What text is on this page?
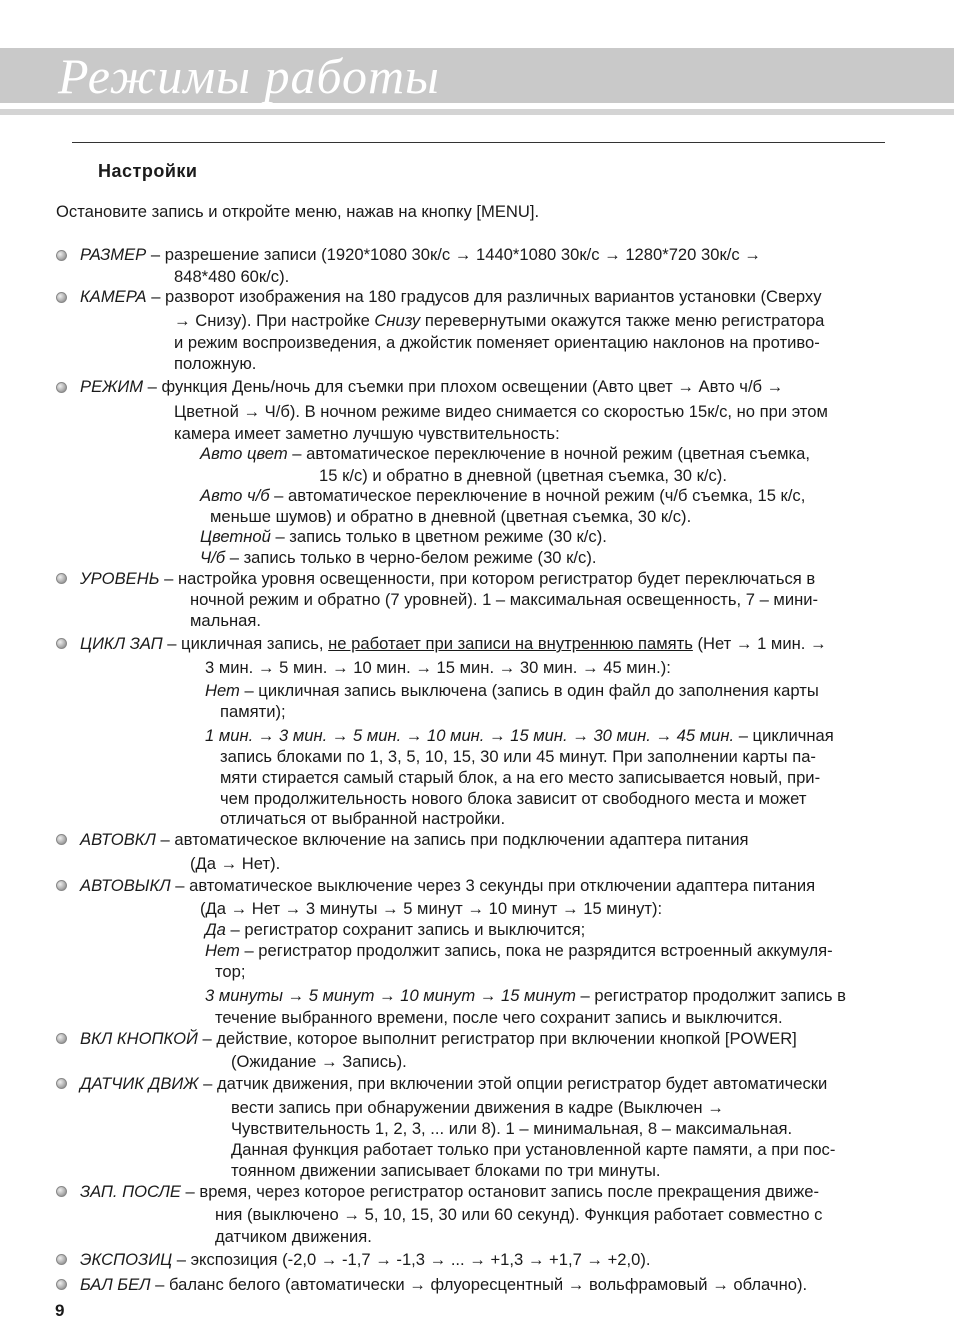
Режимы работы
Настройки
Остановите запись и откройте меню, нажав на кнопку [MENU].
РАЗМЕР – разрешение записи (1920*1080 30к/с → 1440*1080 30к/с → 1280*720 30к/с →
848*480 60к/с).
КАМЕРА – разворот изображения на 180 градусов для различных вариантов установки (Сверху
→ Снизу). При настройке Снизу перевернутыми окажутся также меню регистратора
и режим воспроизведения, а джойстик поменяет ориентацию наклонов на противо-
положную.
РЕЖИМ – функция День/ночь для съемки при плохом освещении (Авто цвет → Авто ч/б →
Цветной → Ч/б). В ночном режиме видео снимается со скоростью 15к/с, но при этом
камера имеет заметно лучшую чувствительность:
Авто цвет – автоматическое переключение в ночной режим (цветная съемка,
15 к/с) и обратно в дневной (цветная съемка, 30 к/с).
Авто ч/б – автоматическое переключение в ночной режим (ч/б съемка, 15 к/с,
меньше шумов) и обратно в дневной (цветная съемка, 30 к/с).
Цветной – запись только в цветном режиме (30 к/с).
Ч/б – запись только в черно-белом режиме (30 к/с).
УРОВЕНЬ – настройка уровня освещенности, при котором регистратор будет переключаться в
ночной режим и обратно (7 уровней). 1 – максимальная освещенность, 7 – мини-
мальная.
ЦИКЛ ЗАП – цикличная запись, не работает при записи на внутреннюю память (Нет → 1 мин. →
3 мин. → 5 мин. → 10 мин. → 15 мин. → 30 мин. → 45 мин.):
Нет – цикличная запись выключена (запись в один файл до заполнения карты
памяти);
1 мин. → 3 мин. → 5 мин. → 10 мин. → 15 мин. → 30 мин. → 45 мин. – цикличная
запись блоками по 1, 3, 5, 10, 15, 30 или 45 минут. При заполнении карты па-
мяти стирается самый старый блок, а на его место записывается новый, при-
чем продолжительность нового блока зависит от свободного места и может
отличаться от выбранной настройки.
АВТОВКЛ – автоматическое включение на запись при подключении адаптера питания
(Да → Нет).
АВТОВЫКЛ – автоматическое выключение через 3 секунды при отключении адаптера питания
(Да → Нет → 3 минуты → 5 минут → 10 минут → 15 минут):
Да – регистратор сохранит запись и выключится;
Нет – регистратор продолжит запись, пока не разрядится встроенный аккумуля-
тор;
3 минуты → 5 минут → 10 минут → 15 минут – регистратор продолжит запись в
течение выбранного времени, после чего сохранит запись и выключится.
ВКЛ КНОПКОЙ – действие, которое выполнит регистратор при включении кнопкой [POWER]
(Ожидание → Запись).
ДАТЧИК ДВИЖ – датчик движения, при включении этой опции регистратор будет автоматически
вести запись при обнаружении движения в кадре (Выключен →
Чувствительность 1, 2, 3, ... или 8). 1 – минимальная, 8 – максимальная.
Данная функция работает только при установленной карте памяти, а при пос-
тоянном движении записывает блоками по три минуты.
ЗАП. ПОСЛЕ – время, через которое регистратор остановит запись после прекращения движе-
ния (выключено → 5, 10, 15, 30 или 60 секунд). Функция работает совместно с
датчиком движения.
ЭКСПОЗИЦ – экспозиция (-2,0 → -1,7 → -1,3 → ... → +1,3 → +1,7 → +2,0).
БАЛ БЕЛ – баланс белого (автоматически → флуоресцентный → вольфрамовый → облачно).
9
